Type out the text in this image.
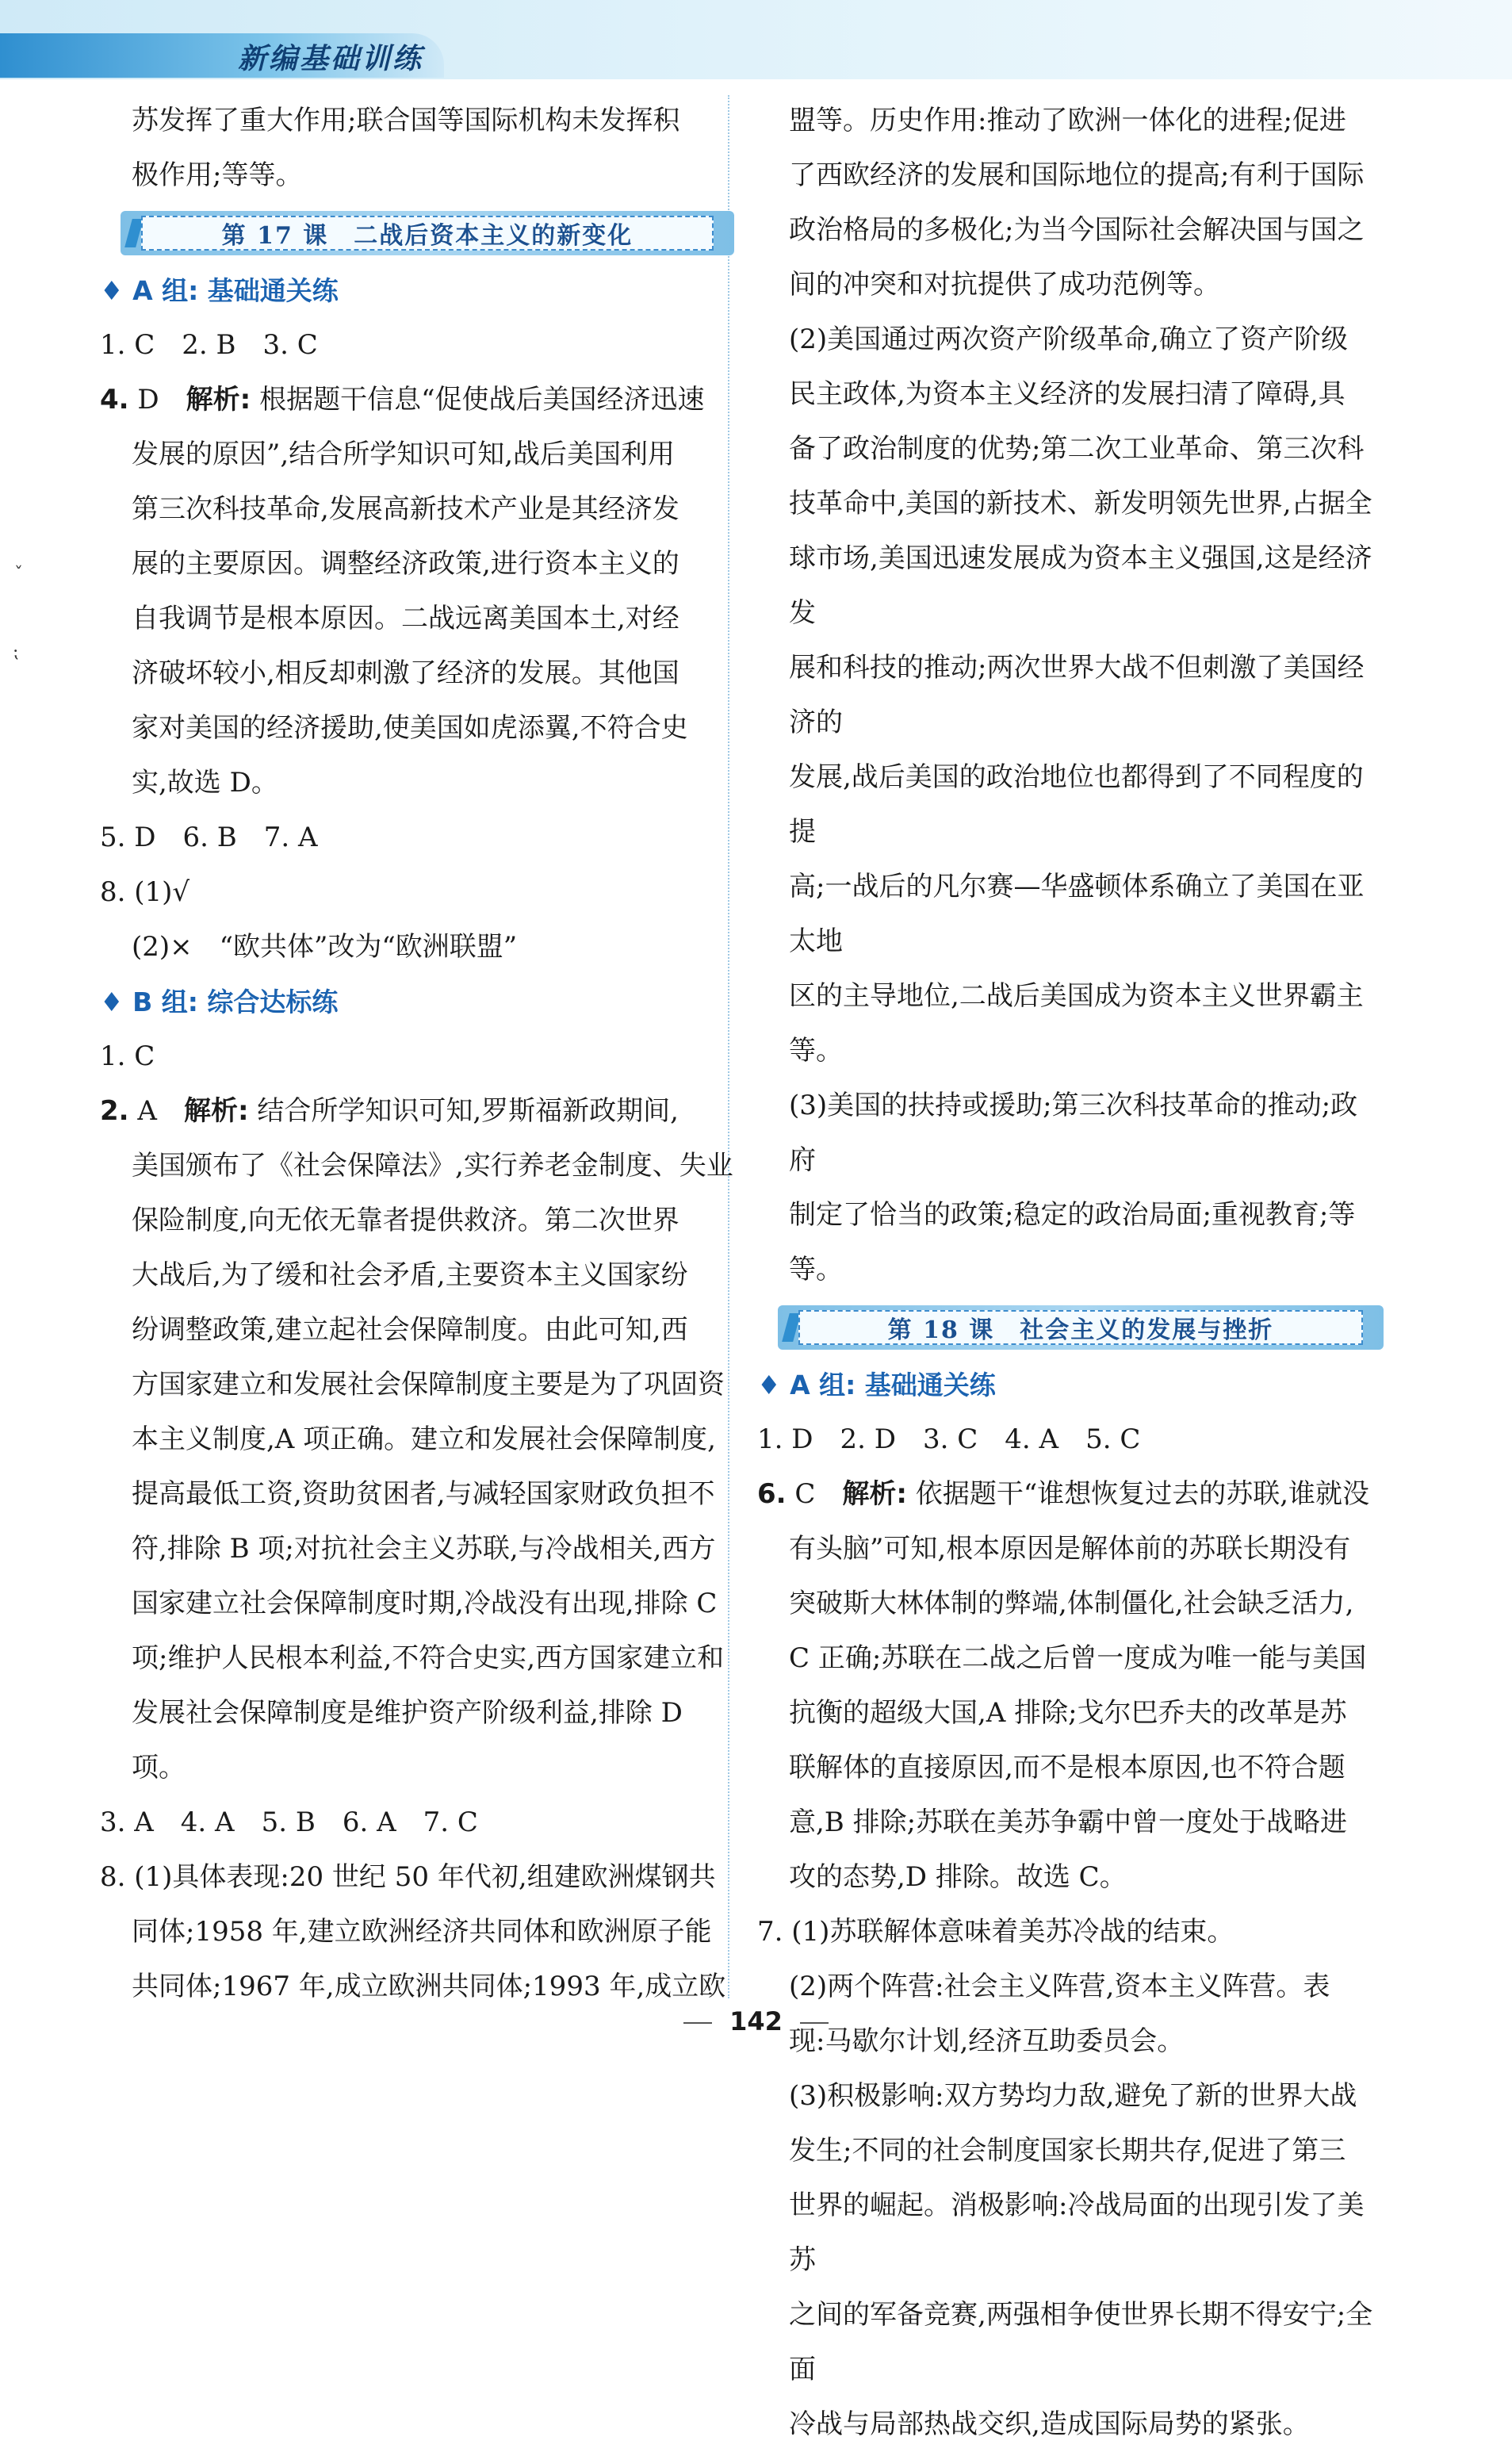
新编基础训练
ˇ
⁏

苏发挥了重大作用;联合国等国际机构未发挥积

极作用;等等。

第 17 课　二战后资本主义的新变化
♦ A 组: 基础通关练

1. C　2. B　3. C

4. D　 解析: 根据题干信息“促使战后美国经济迅速

发展的原因”,结合所学知识可知,战后美国利用

第三次科技革命,发展高新技术产业是其经济发

展的主要原因。调整经济政策,进行资本主义的

自我调节是根本原因。二战远离美国本土,对经

济破坏较小,相反却刺激了经济的发展。其他国

家对美国的经济援助,使美国如虎添翼,不符合史

实,故选 D。

5. D　6. B　7. A

8. (1)√

(2)×　“欧共体”改为“欧洲联盟”

♦ B 组: 综合达标练

1. C

2. A　 解析: 结合所学知识可知,罗斯福新政期间,

美国颁布了《社会保障法》,实行养老金制度、失业

保险制度,向无依无靠者提供救济。第二次世界

大战后,为了缓和社会矛盾,主要资本主义国家纷

纷调整政策,建立起社会保障制度。由此可知,西

方国家建立和发展社会保障制度主要是为了巩固资

本主义制度,A 项正确。建立和发展社会保障制度,

提高最低工资,资助贫困者,与减轻国家财政负担不

符,排除 B 项;对抗社会主义苏联,与冷战相关,西方

国家建立社会保障制度时期,冷战没有出现,排除 C

项;维护人民根本利益,不符合史实,西方国家建立和

发展社会保障制度是维护资产阶级利益,排除 D 项。

3. A　4. A　5. B　6. A　7. C

8. (1)具体表现:20 世纪 50 年代初,组建欧洲煤钢共

同体;1958 年,建立欧洲经济共同体和欧洲原子能

共同体;1967 年,成立欧洲共同体;1993 年,成立欧

盟等。历史作用:推动了欧洲一体化的进程;促进

了西欧经济的发展和国际地位的提高;有利于国际

政治格局的多极化;为当今国际社会解决国与国之

间的冲突和对抗提供了成功范例等。

(2)美国通过两次资产阶级革命,确立了资产阶级

民主政体,为资本主义经济的发展扫清了障碍,具

备了政治制度的优势;第二次工业革命、第三次科

技革命中,美国的新技术、新发明领先世界,占据全

球市场,美国迅速发展成为资本主义强国,这是经济发

展和科技的推动;两次世界大战不但刺激了美国经济的

发展,战后美国的政治地位也都得到了不同程度的提

高;一战后的凡尔赛—华盛顿体系确立了美国在亚太地

区的主导地位,二战后美国成为资本主义世界霸主等。

(3)美国的扶持或援助;第三次科技革命的推动;政府

制定了恰当的政策;稳定的政治局面;重视教育;等等。

第 18 课　社会主义的发展与挫折
♦ A 组: 基础通关练

1. D　2. D　3. C　4. A　5. C

6. C　 解析: 依据题干“谁想恢复过去的苏联,谁就没

有头脑”可知,根本原因是解体前的苏联长期没有

突破斯大林体制的弊端,体制僵化,社会缺乏活力,

C 正确;苏联在二战之后曾一度成为唯一能与美国

抗衡的超级大国,A 排除;戈尔巴乔夫的改革是苏

联解体的直接原因,而不是根本原因,也不符合题

意,B 排除;苏联在美苏争霸中曾一度处于战略进

攻的态势,D 排除。故选 C。

7. (1)苏联解体意味着美苏冷战的结束。

(2)两个阵营:社会主义阵营,资本主义阵营。表

现:马歇尔计划,经济互助委员会。

(3)积极影响:双方势均力敌,避免了新的世界大战

发生;不同的社会制度国家长期共存,促进了第三

世界的崛起。消极影响:冷战局面的出现引发了美苏

之间的军备竞赛,两强相争使世界长期不得安宁;全面

冷战与局部热战交织,造成国际局势的紧张。

142
